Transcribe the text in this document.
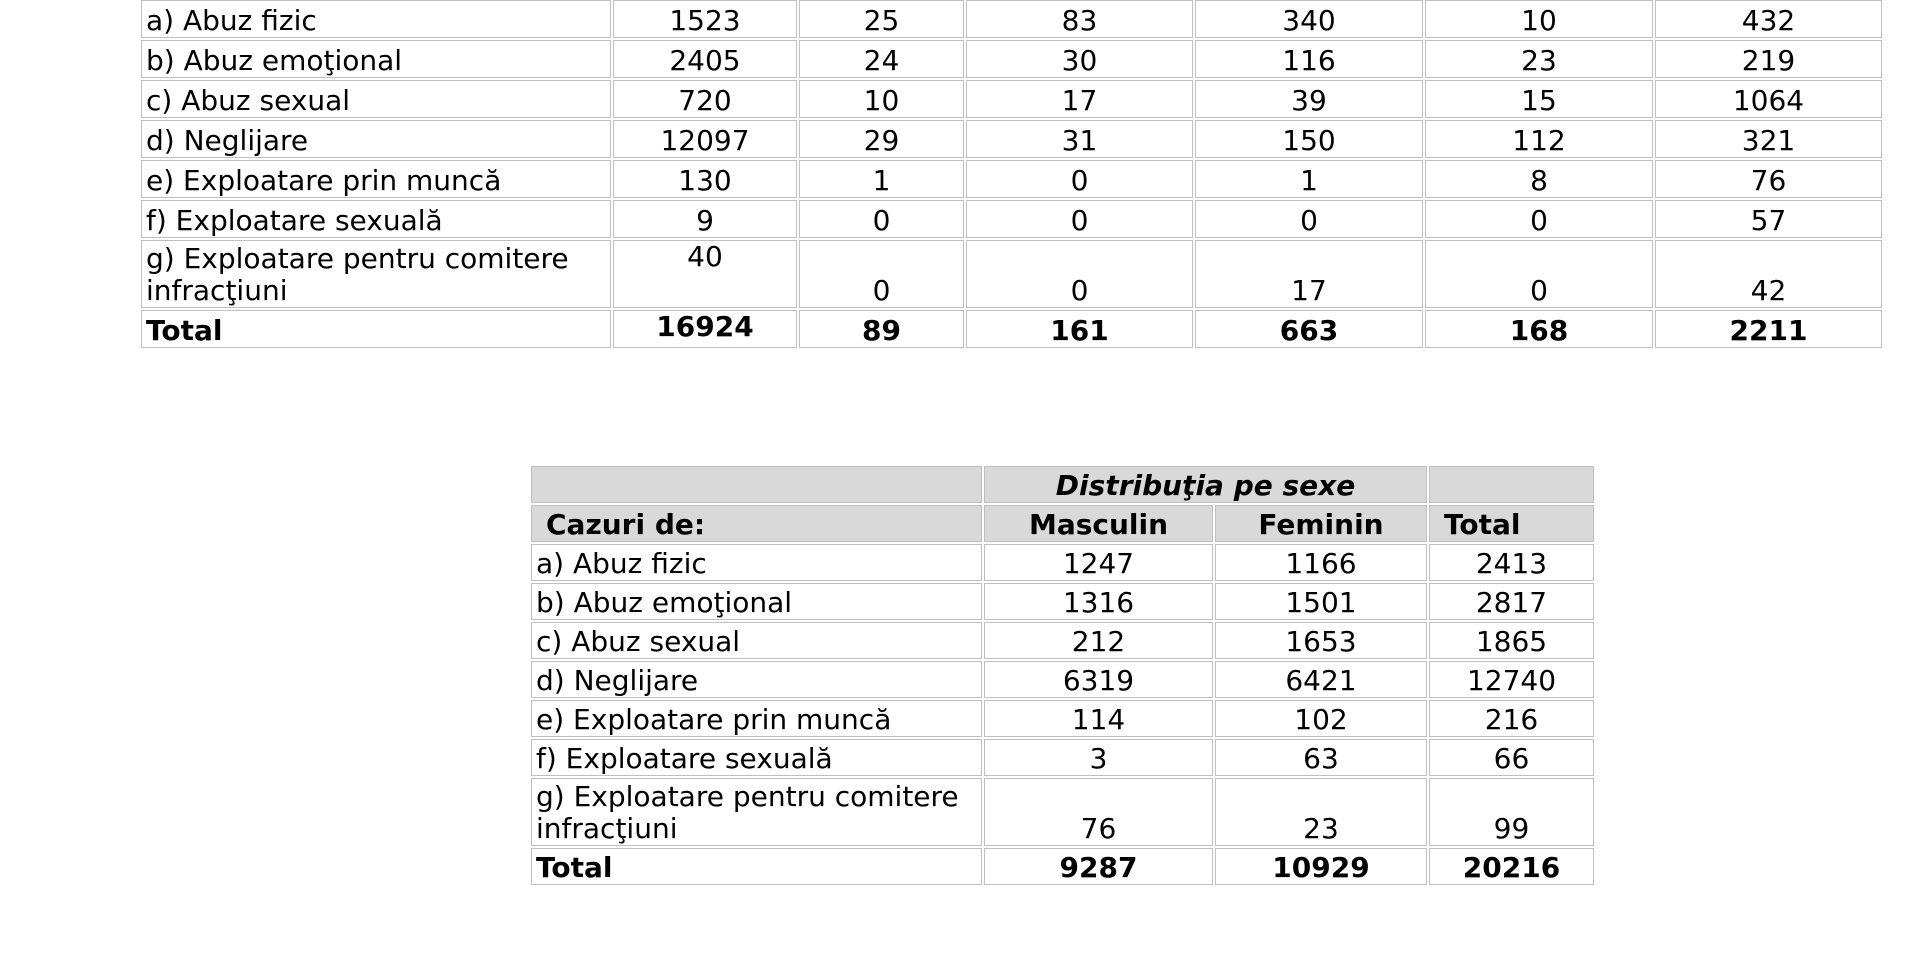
a) Abuz fizic	1523	25	83	340	10	432
b) Abuz emoţional	2405	24	30	116	23	219
c) Abuz sexual	720	10	17	39	15	1064
d) Neglijare	12097	29	31	150	112	321
e) Exploatare prin muncă	130	1	0	1	8	76
f) Exploatare sexuală	9	0	0	0	0	57
g) Exploatare pentru comitere infracţiuni	40	0	0	17	0	42
Total	16924	89	161	663	168	2211
	Distribuţia pe sexe		
Cazuri de:	Masculin	Feminin	Total
a) Abuz fizic	1247	1166	2413
b) Abuz emoţional	1316	1501	2817
c) Abuz sexual	212	1653	1865
d) Neglijare	6319	6421	12740
e) Exploatare prin muncă	114	102	216
f) Exploatare sexuală	3	63	66
g) Exploatare pentru comitere infracţiuni	76	23	99
Total	9287	10929	20216
